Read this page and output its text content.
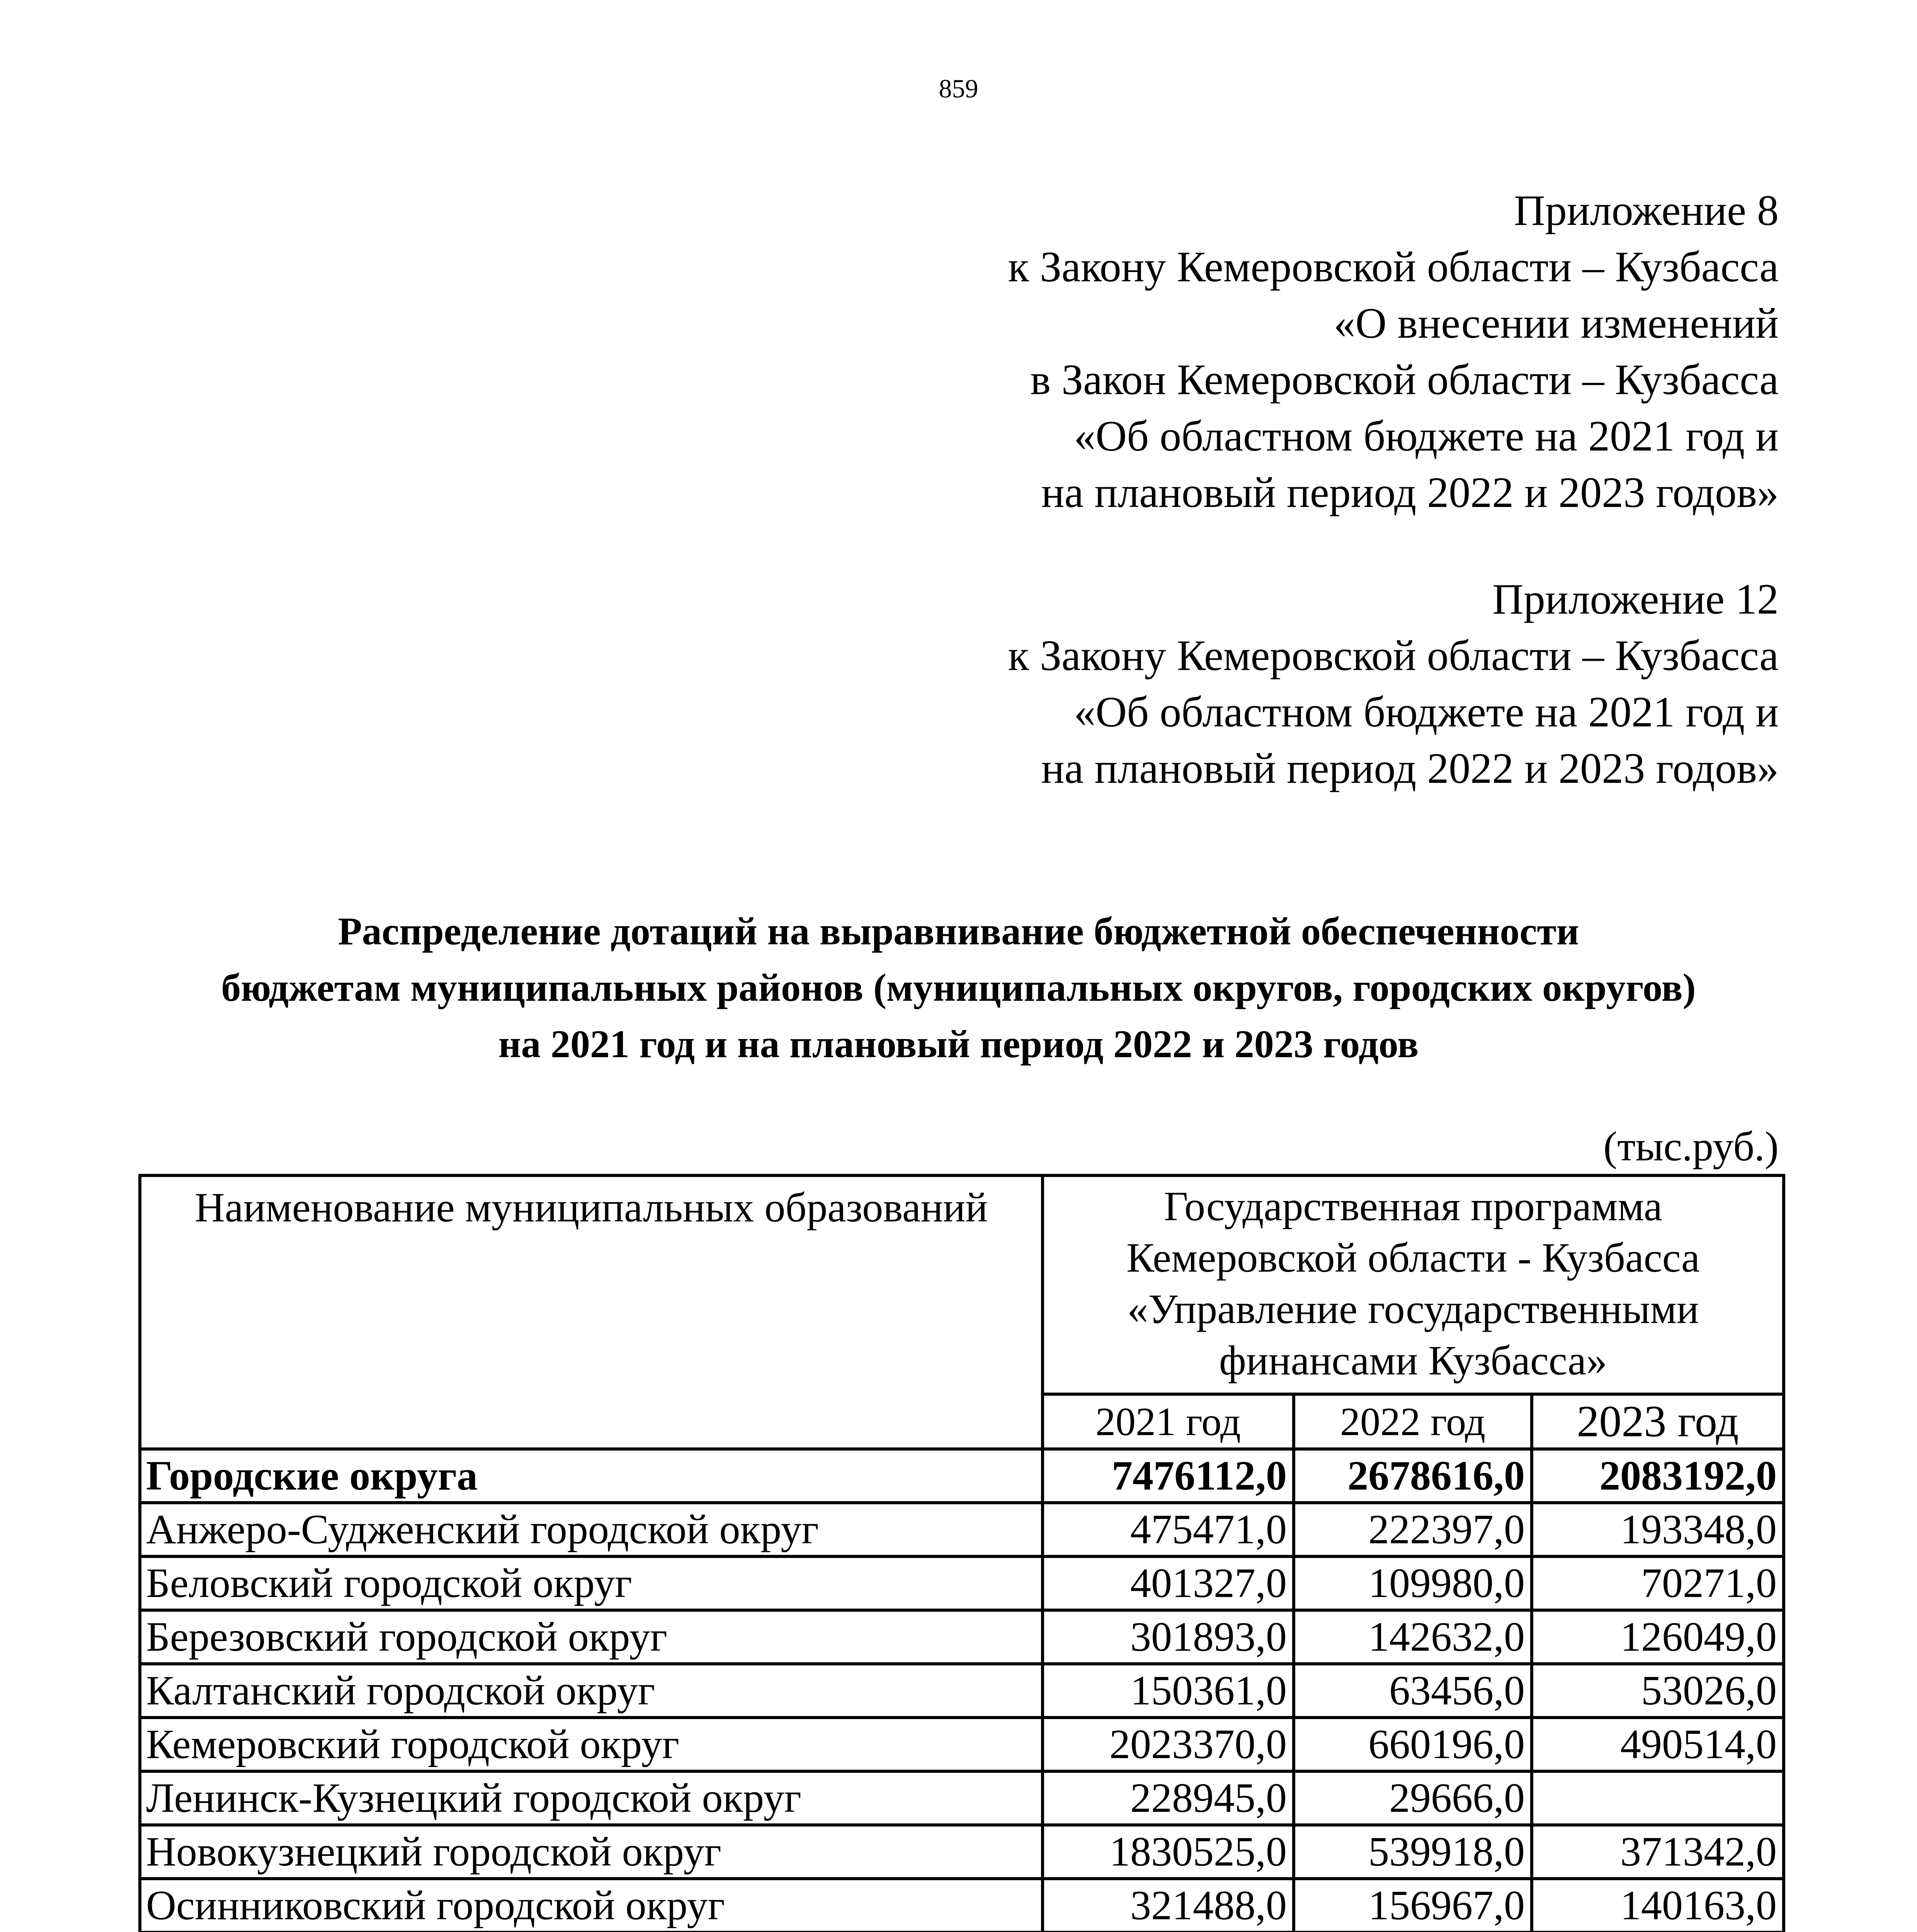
859
Приложение 8
к Закону Кемеровской области – Кузбасса
«О внесении изменений
в Закон Кемеровской области – Кузбасса
«Об областном бюджете на 2021 год и
на плановый период 2022 и 2023 годов»
Приложение 12
к Закону Кемеровской области – Кузбасса
«Об областном бюджете на 2021 год и
на плановый период 2022 и 2023 годов»
Распределение дотаций на выравнивание бюджетной обеспеченности
бюджетам муниципальных районов (муниципальных округов, городских округов)
на 2021 год и на плановый период 2022 и 2023 годов
(тыс.руб.)
Наименование муниципальных образований	Государственная программа
Кемеровской области - Кузбасса
«Управление государственными
финансами Кузбасса»		

	2021 год	2022 год	2023 год
Городские округа	7476112,0	2678616,0	2083192,0
Анжеро-Судженский городской округ	475471,0	222397,0	193348,0
Беловский городской округ	401327,0	109980,0	70271,0
Березовский городской округ	301893,0	142632,0	126049,0
Калтанский городской округ	150361,0	63456,0	53026,0
Кемеровский городской округ	2023370,0	660196,0	490514,0
Ленинск-Кузнецкий городской округ	228945,0	29666,0	
Новокузнецкий городской округ	1830525,0	539918,0	371342,0
Осинниковский городской округ	321488,0	156967,0	140163,0
